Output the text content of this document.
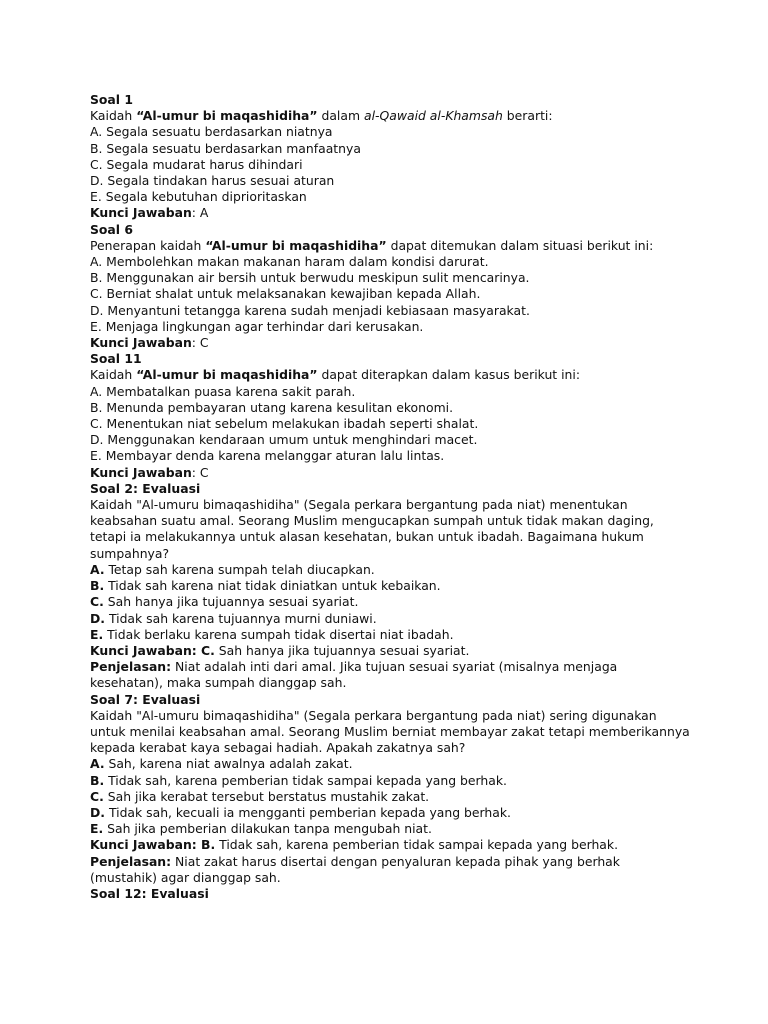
Soal 1

Kaidah “Al-umur bi maqashidiha” dalam al-Qawaid al-Khamsah berarti:

A. Segala sesuatu berdasarkan niatnya

B. Segala sesuatu berdasarkan manfaatnya

C. Segala mudarat harus dihindari

D. Segala tindakan harus sesuai aturan

E. Segala kebutuhan diprioritaskan

Kunci Jawaban: A

Soal 6

Penerapan kaidah “Al-umur bi maqashidiha” dapat ditemukan dalam situasi berikut ini:

A. Membolehkan makan makanan haram dalam kondisi darurat.

B. Menggunakan air bersih untuk berwudu meskipun sulit mencarinya.

C. Berniat shalat untuk melaksanakan kewajiban kepada Allah.

D. Menyantuni tetangga karena sudah menjadi kebiasaan masyarakat.

E. Menjaga lingkungan agar terhindar dari kerusakan.

Kunci Jawaban: C

Soal 11

Kaidah “Al-umur bi maqashidiha” dapat diterapkan dalam kasus berikut ini:

A. Membatalkan puasa karena sakit parah.

B. Menunda pembayaran utang karena kesulitan ekonomi.

C. Menentukan niat sebelum melakukan ibadah seperti shalat.

D. Menggunakan kendaraan umum untuk menghindari macet.

E. Membayar denda karena melanggar aturan lalu lintas.

Kunci Jawaban: C

Soal 2: Evaluasi

Kaidah "Al-umuru bimaqashidiha" (Segala perkara bergantung pada niat) menentukan keabsahan suatu amal. Seorang Muslim mengucapkan sumpah untuk tidak makan daging, tetapi ia melakukannya untuk alasan kesehatan, bukan untuk ibadah. Bagaimana hukum sumpahnya?

A. Tetap sah karena sumpah telah diucapkan.

B. Tidak sah karena niat tidak diniatkan untuk kebaikan.

C. Sah hanya jika tujuannya sesuai syariat.

D. Tidak sah karena tujuannya murni duniawi.

E. Tidak berlaku karena sumpah tidak disertai niat ibadah.

Kunci Jawaban: C. Sah hanya jika tujuannya sesuai syariat.

Penjelasan: Niat adalah inti dari amal. Jika tujuan sesuai syariat (misalnya menjaga kesehatan), maka sumpah dianggap sah.

Soal 7: Evaluasi

Kaidah "Al-umuru bimaqashidiha" (Segala perkara bergantung pada niat) sering digunakan untuk menilai keabsahan amal. Seorang Muslim berniat membayar zakat tetapi memberikannya kepada kerabat kaya sebagai hadiah. Apakah zakatnya sah?

A. Sah, karena niat awalnya adalah zakat.

B. Tidak sah, karena pemberian tidak sampai kepada yang berhak.

C. Sah jika kerabat tersebut berstatus mustahik zakat.

D. Tidak sah, kecuali ia mengganti pemberian kepada yang berhak.

E. Sah jika pemberian dilakukan tanpa mengubah niat.

Kunci Jawaban: B. Tidak sah, karena pemberian tidak sampai kepada yang berhak.

Penjelasan: Niat zakat harus disertai dengan penyaluran kepada pihak yang berhak (mustahik) agar dianggap sah.

Soal 12: Evaluasi
